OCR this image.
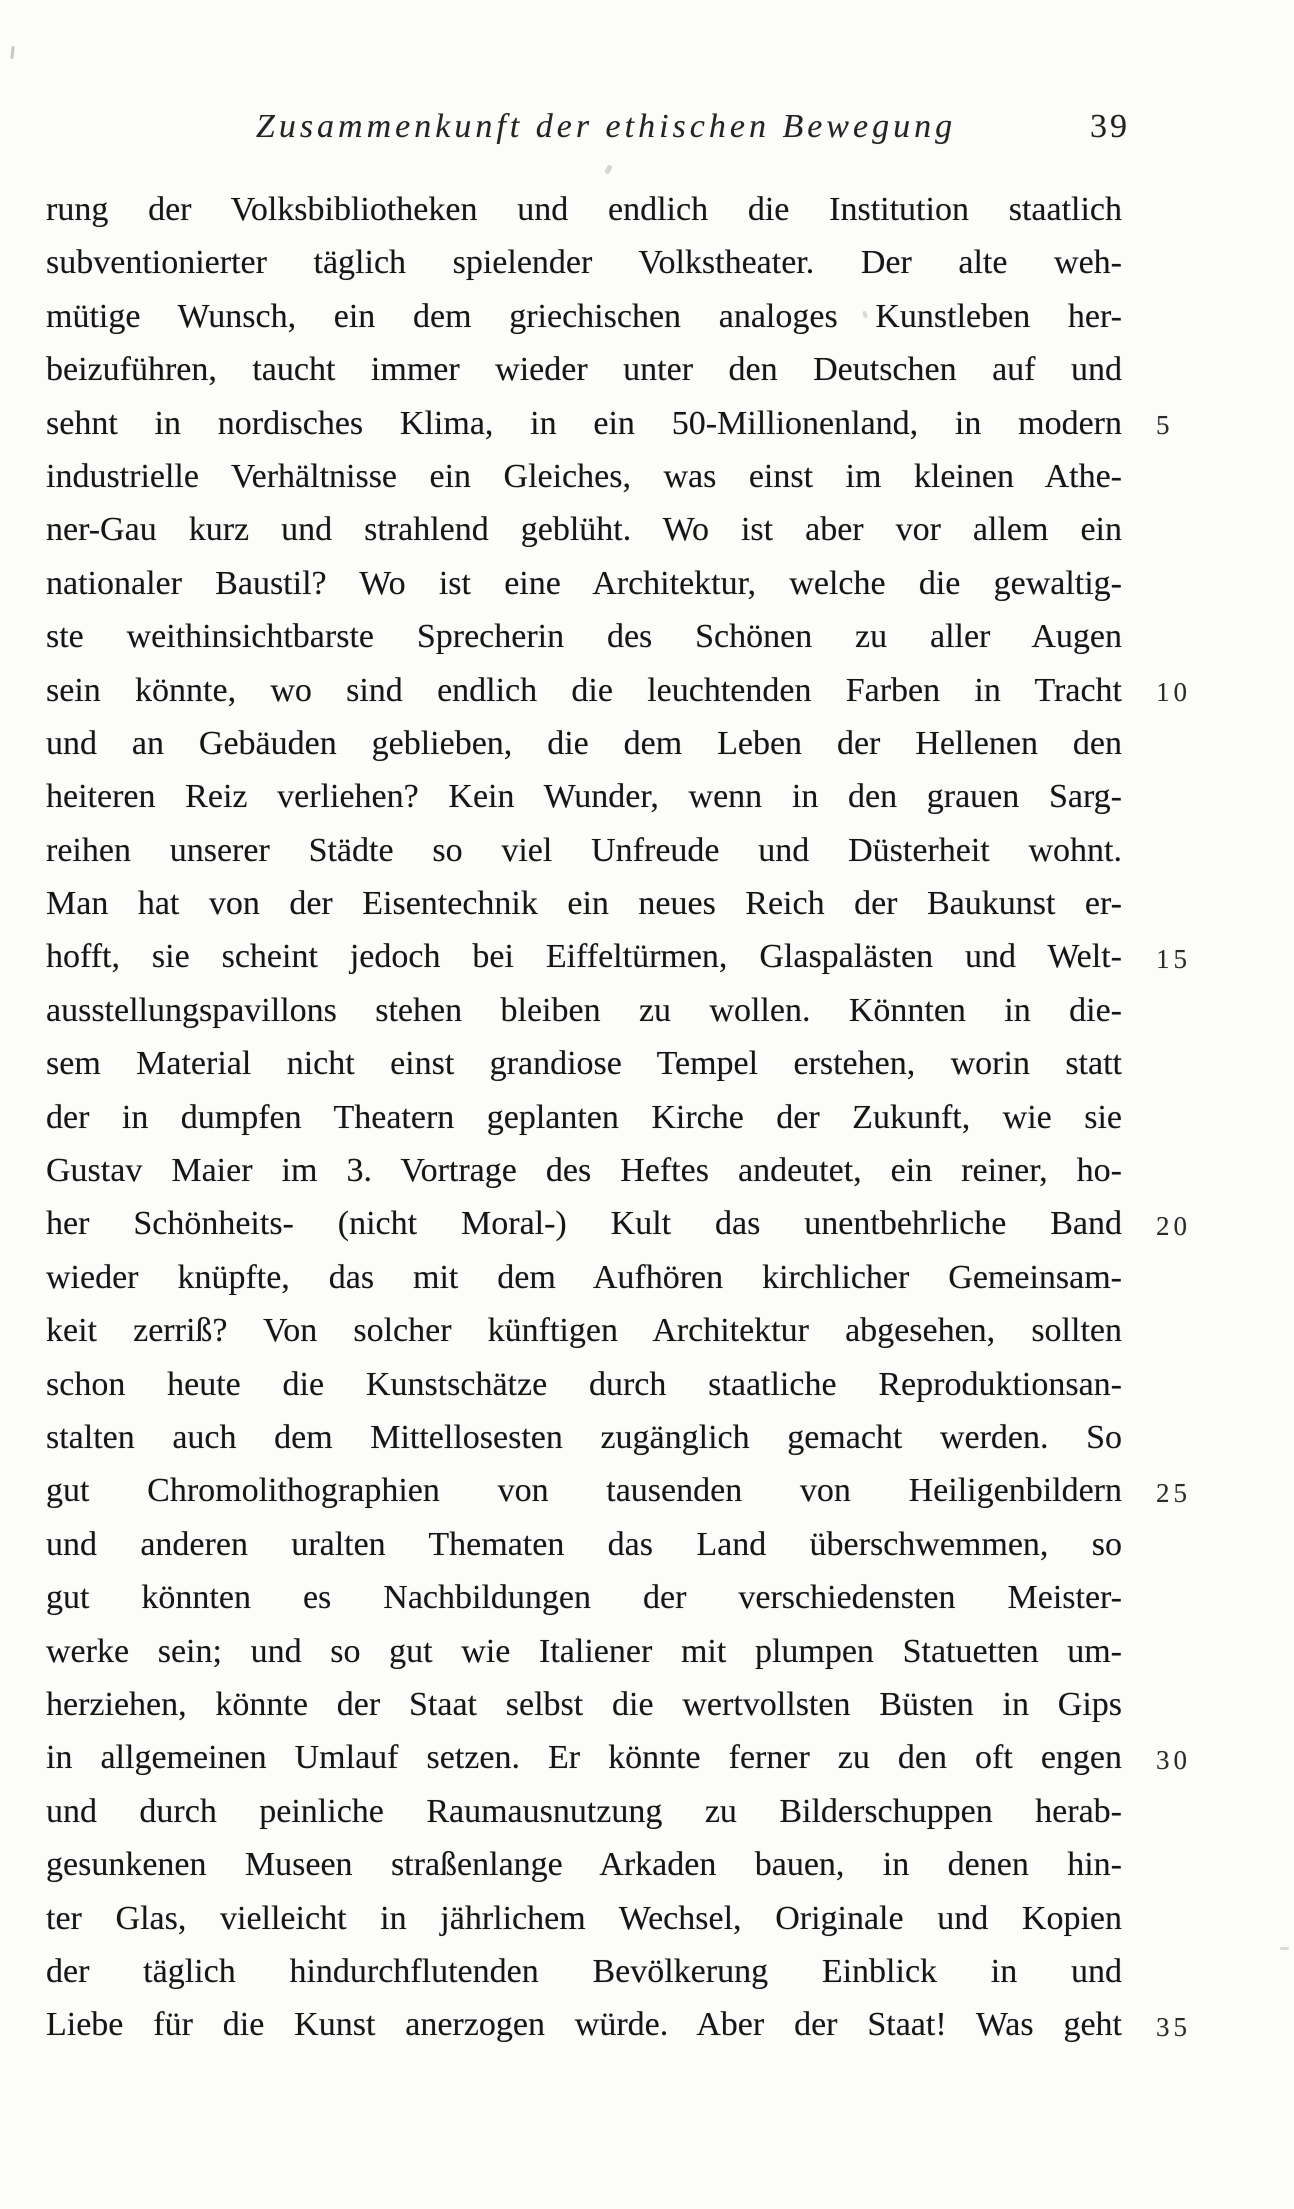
Zusammenkunft der ethischen Bewegung	39
rung der Volksbibliotheken und endlich die Institution staatlich
subventionierter täglich spielender Volkstheater. Der alte weh-
mütige Wunsch, ein dem griechischen analoges Kunstleben her-
beizuführen, taucht immer wieder unter den Deutschen auf und
sehnt in nordisches Klima, in ein 50-Millionenland, in modern
industrielle Verhältnisse ein Gleiches, was einst im kleinen Athe-
ner-Gau kurz und strahlend geblüht. Wo ist aber vor allem ein
nationaler Baustil? Wo ist eine Architektur, welche die gewaltig-
ste weithinsichtbarste Sprecherin des Schönen zu aller Augen
sein könnte, wo sind endlich die leuchtenden Farben in Tracht
und an Gebäuden geblieben, die dem Leben der Hellenen den
heiteren Reiz verliehen? Kein Wunder, wenn in den grauen Sarg-
reihen unserer Städte so viel Unfreude und Düsterheit wohnt.
Man hat von der Eisentechnik ein neues Reich der Baukunst er-
hofft, sie scheint jedoch bei Eiffeltürmen, Glaspalästen und Welt-
ausstellungspavillons stehen bleiben zu wollen. Könnten in die-
sem Material nicht einst grandiose Tempel erstehen, worin statt
der in dumpfen Theatern geplanten Kirche der Zukunft, wie sie
Gustav Maier im 3. Vortrage des Heftes andeutet, ein reiner, ho-
her Schönheits- (nicht Moral-) Kult das unentbehrliche Band
wieder knüpfte, das mit dem Aufhören kirchlicher Gemeinsam-
keit zerriß? Von solcher künftigen Architektur abgesehen, sollten
schon heute die Kunstschätze durch staatliche Reproduktionsan-
stalten auch dem Mittellosesten zugänglich gemacht werden. So
gut Chromolithographien von tausenden von Heiligenbildern
und anderen uralten Thematen das Land überschwemmen, so
gut könnten es Nachbildungen der verschiedensten Meister-
werke sein; und so gut wie Italiener mit plumpen Statuetten um-
herziehen, könnte der Staat selbst die wertvollsten Büsten in Gips
in allgemeinen Umlauf setzen. Er könnte ferner zu den oft engen
und durch peinliche Raumausnutzung zu Bilderschuppen herab-
gesunkenen Museen straßenlange Arkaden bauen, in denen hin-
ter Glas, vielleicht in jährlichem Wechsel, Originale und Kopien
der täglich hindurchflutenden Bevölkerung Einblick in und
Liebe für die Kunst anerzogen würde. Aber der Staat! Was geht
5
10
15
20
25
30
35
